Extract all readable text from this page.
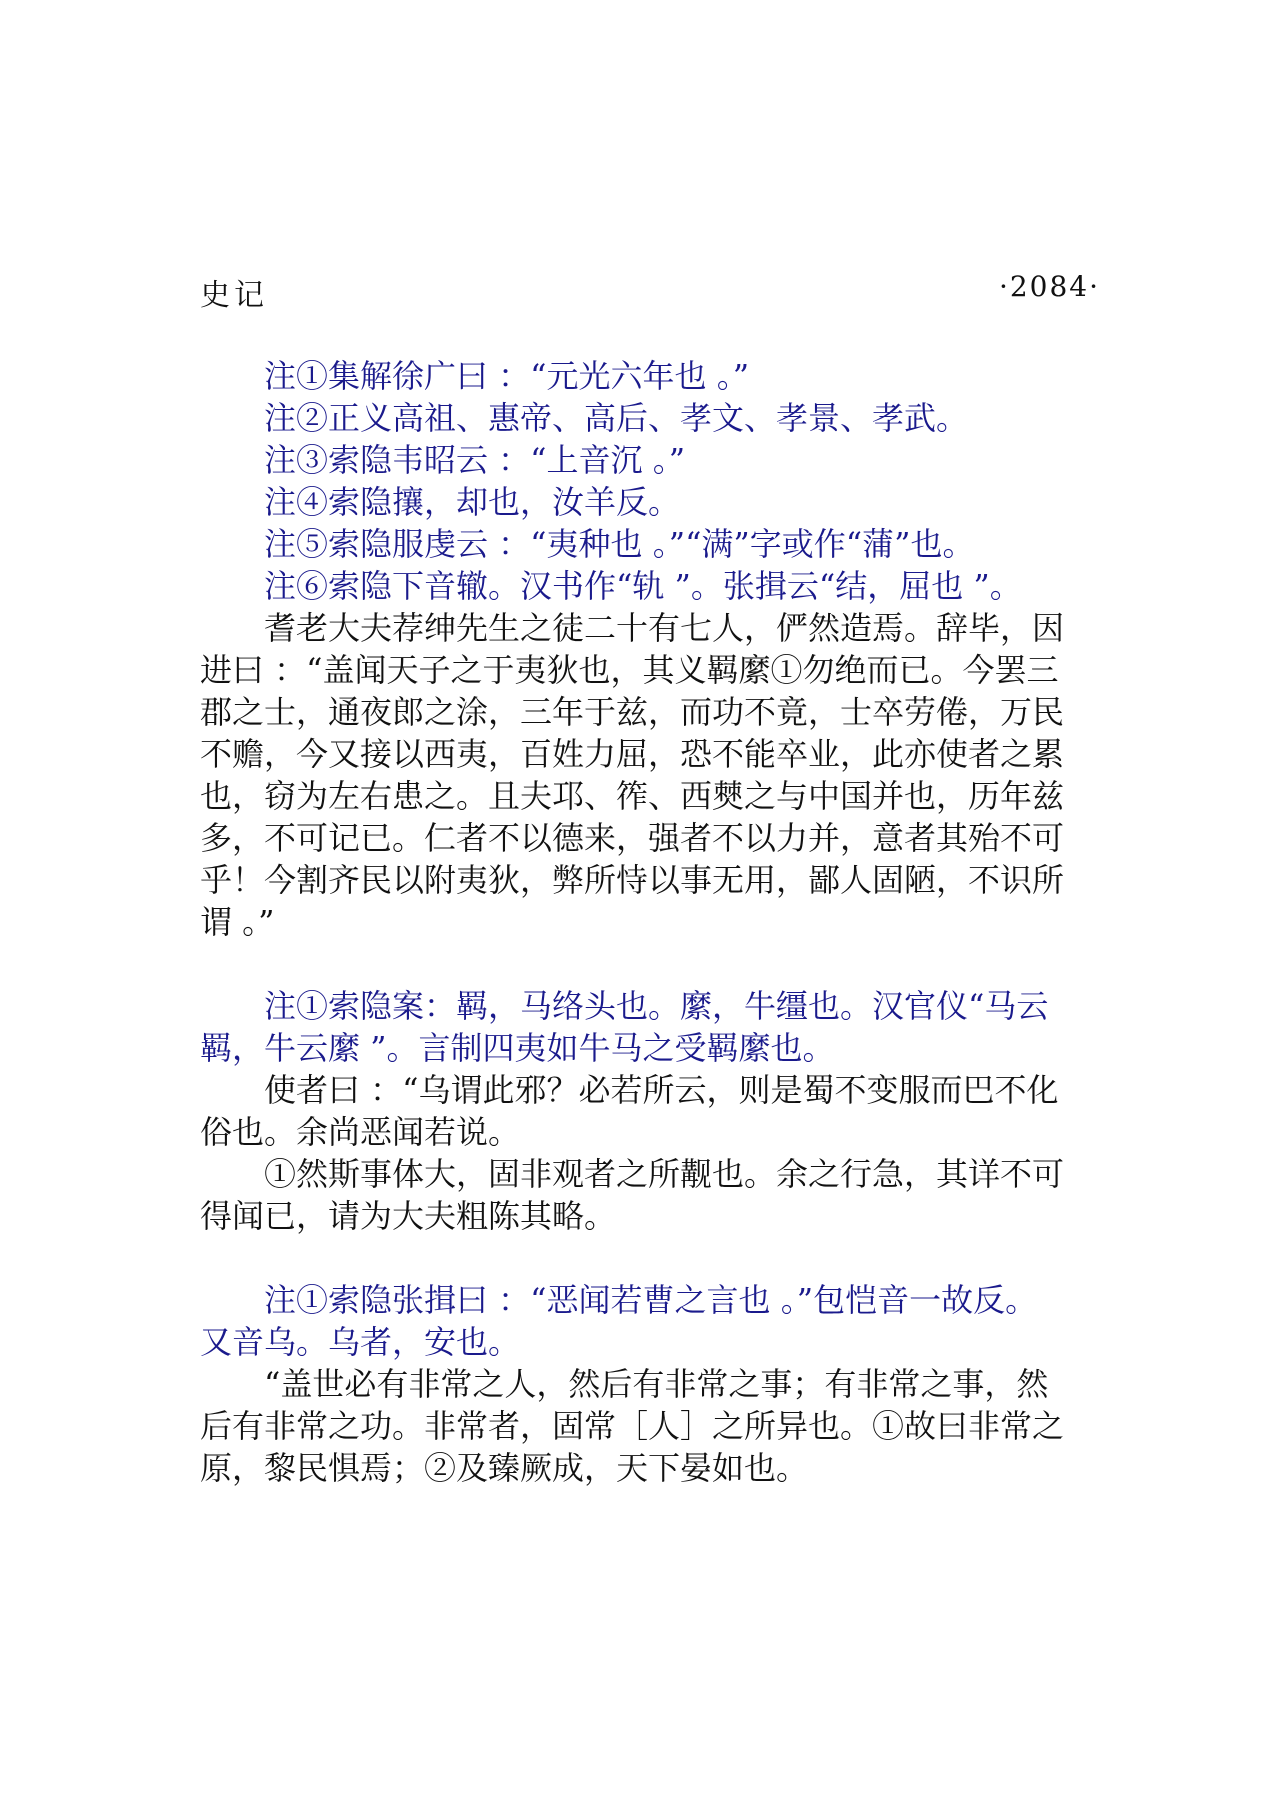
史记	·2084·
注①集解徐广曰 ：“元光六年也 。”
注②正义高祖、惠帝、高后、孝文、孝景、孝武。
注③索隐韦昭云 ：“上音沉 。”
注④索隐攘，却也，汝羊反。
注⑤索隐服虔云 ：“夷种也 。”“满”字或作“蒲”也。
注⑥索隐下音辙。汉书作“轨 ”。张揖云“结，屈也 ”。
耆老大夫荐绅先生之徒二十有七人，俨然造焉。辞毕，因
进曰 ：“盖闻天子之于夷狄也，其义羁縻①勿绝而已。今罢三
郡之士，通夜郎之涂，三年于兹，而功不竟，士卒劳倦，万民
不赡，今又接以西夷，百姓力屈，恐不能卒业，此亦使者之累
也，窃为左右患之。且夫邛、筰、西僰之与中国并也，历年兹
多，不可记已。仁者不以德来，强者不以力并，意者其殆不可
乎！今割齐民以附夷狄，弊所恃以事无用，鄙人固陋，不识所
谓 。”
注①索隐案：羁，马络头也。縻，牛缰也。汉官仪“马云
羁，牛云縻 ”。言制四夷如牛马之受羁縻也。
使者曰 ：“乌谓此邪？必若所云，则是蜀不变服而巴不化
俗也。余尚恶闻若说。
①然斯事体大，固非观者之所觏也。余之行急，其详不可
得闻已，请为大夫粗陈其略。
注①索隐张揖曰 ：“恶闻若曹之言也 。”包恺音一故反。
又音乌。乌者，安也。
“盖世必有非常之人，然后有非常之事；有非常之事，然
后有非常之功。非常者，固常［人］之所异也。①故曰非常之
原，黎民惧焉；②及臻厥成，天下晏如也。
